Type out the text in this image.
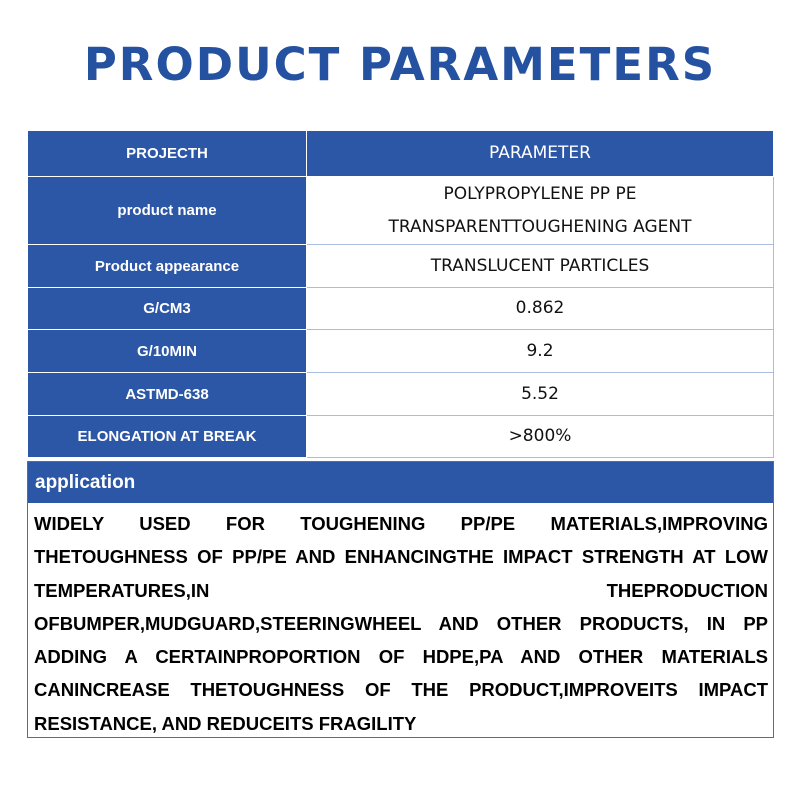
PRODUCT PARAMETERS
PROJECTH	PARAMETER
product name	POLYPROPYLENE PP PE
TRANSPARENTTOUGHENING AGENT

Product appearance	TRANSLUCENT PARTICLES
G/CM3	0.862
G/10MIN	9.2
ASTMD-638	5.52
ELONGATION AT BREAK	>800%
application
WIDELY USED FOR TOUGHENING PP/PE MATERIALS,IMPROVING THETOUGHNESS OF PP/PE AND ENHANCINGTHE IMPACT STRENGTH AT LOW TEMPERATURES,IN THEPRODUCTION OFBUMPER,MUDGUARD,STEERINGWHEEL AND OTHER PRODUCTS, IN PP ADDING A CERTAINPROPORTION OF HDPE,PA AND OTHER MATERIALS CANINCREASE THETOUGHNESS OF THE PRODUCT,IMPROVEITS IMPACT RESISTANCE, AND REDUCEITS FRAGILITY
